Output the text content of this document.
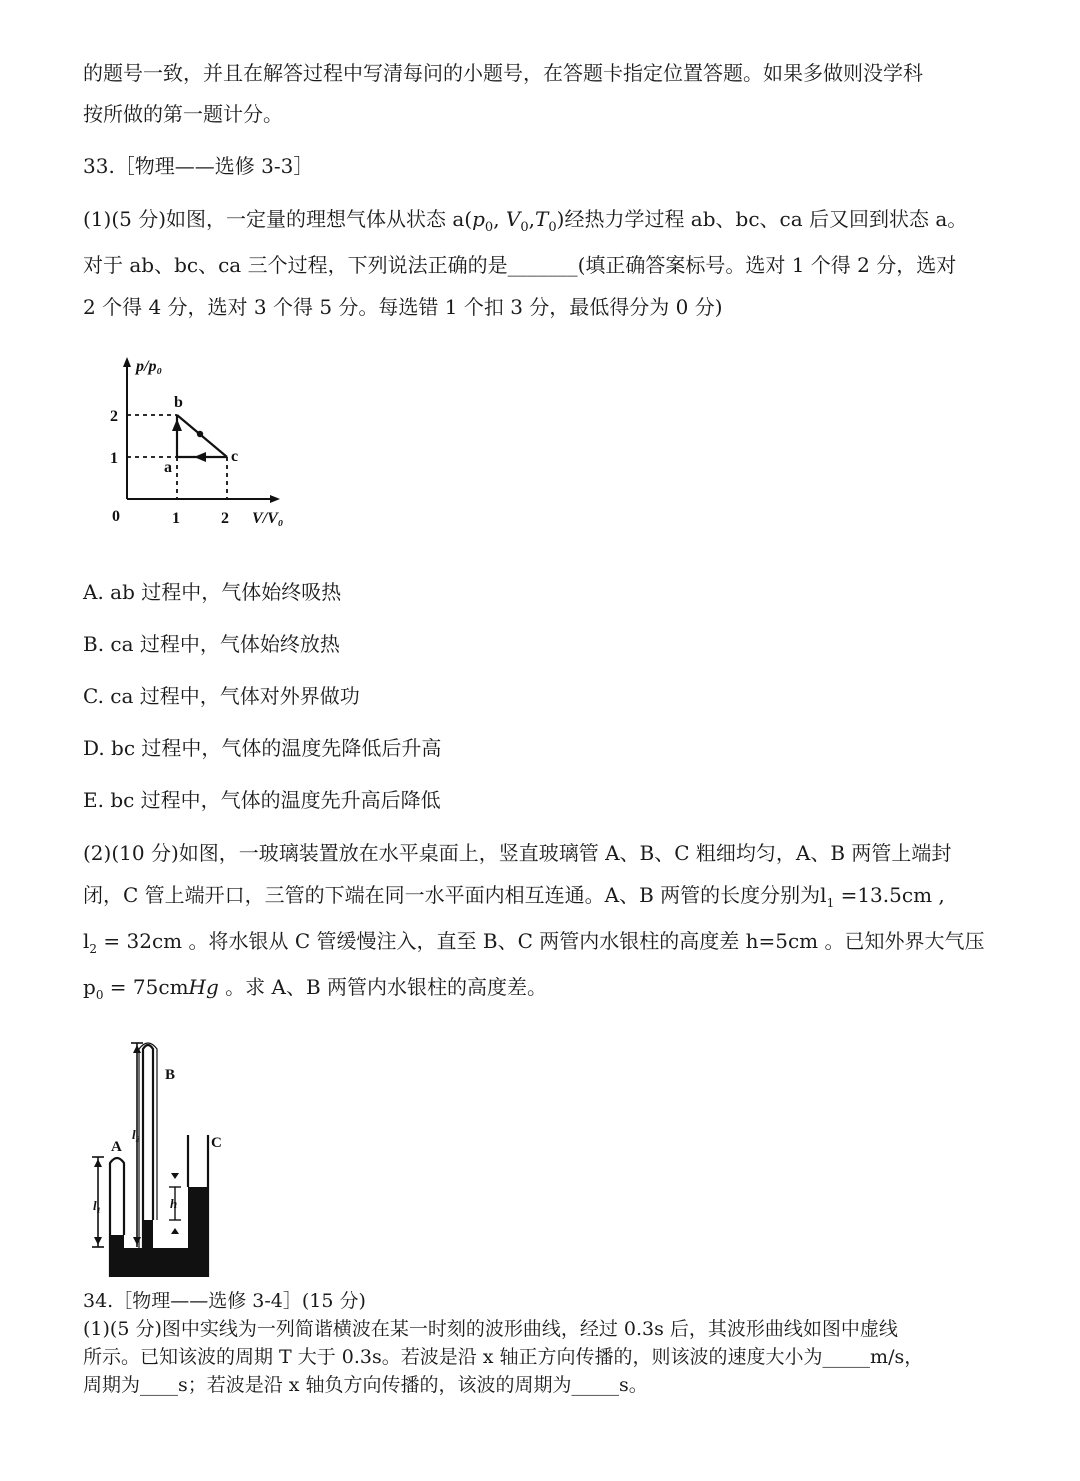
的题号一致，并且在解答过程中写清每问的小题号，在答题卡指定位置答题。如果多做则没学科
按所做的第一题计分。
33.［物理——选修 3-3］
(1)(5 分)如图，一定量的理想气体从状态 $a(p_0$, $V_0,T_0$)经热力学过程 ab、bc、ca 后又回到状态 a。
对于 ab、bc、ca 三个过程，下列说法正确的是_______(填正确答案标号。选对 1 个得 2 分，选对
2 个得 4 分，选对 3 个得 5 分。每选错 1 个扣 3 分，最低得分为 0 分)
p/p₀
2
1
0	1	2 V/V₀
a
b
c
A. ab 过程中，气体始终吸热
B. ca 过程中，气体始终放热
C. ca 过程中，气体对外界做功
D. bc 过程中，气体的温度先降低后升高
E. bc 过程中，气体的温度先升高后降低
(2)(10 分)如图，一玻璃装置放在水平桌面上，竖直玻璃管 A、B、C 粗细均匀，A、B 两管上端封
闭，C 管上端开口，三管的下端在同一水平面内相互连通。A、B 两管的长度分别为$l_1 =13.5cm$ ,
$l_2 = 32cm$ 。将水银从 C 管缓慢注入，直至 B、C 两管内水银柱的高度差 h=5cm 。已知外界大气压
$p_0$ = 75cmHg 。求 A、B 两管内水银柱的高度差。
A
B
C
l₁
l₂
h
34.［物理——选修 3-4］(15 分)
(1)(5 分)图中实线为一列简谐横波在某一时刻的波形曲线，经过 0.3s 后，其波形曲线如图中虚线
所示。已知该波的周期 T 大于 0.3s。若波是沿 x 轴正方向传播的，则该波的速度大小为_____m/s，
周期为____s；若波是沿 x 轴负方向传播的，该波的周期为_____s。
